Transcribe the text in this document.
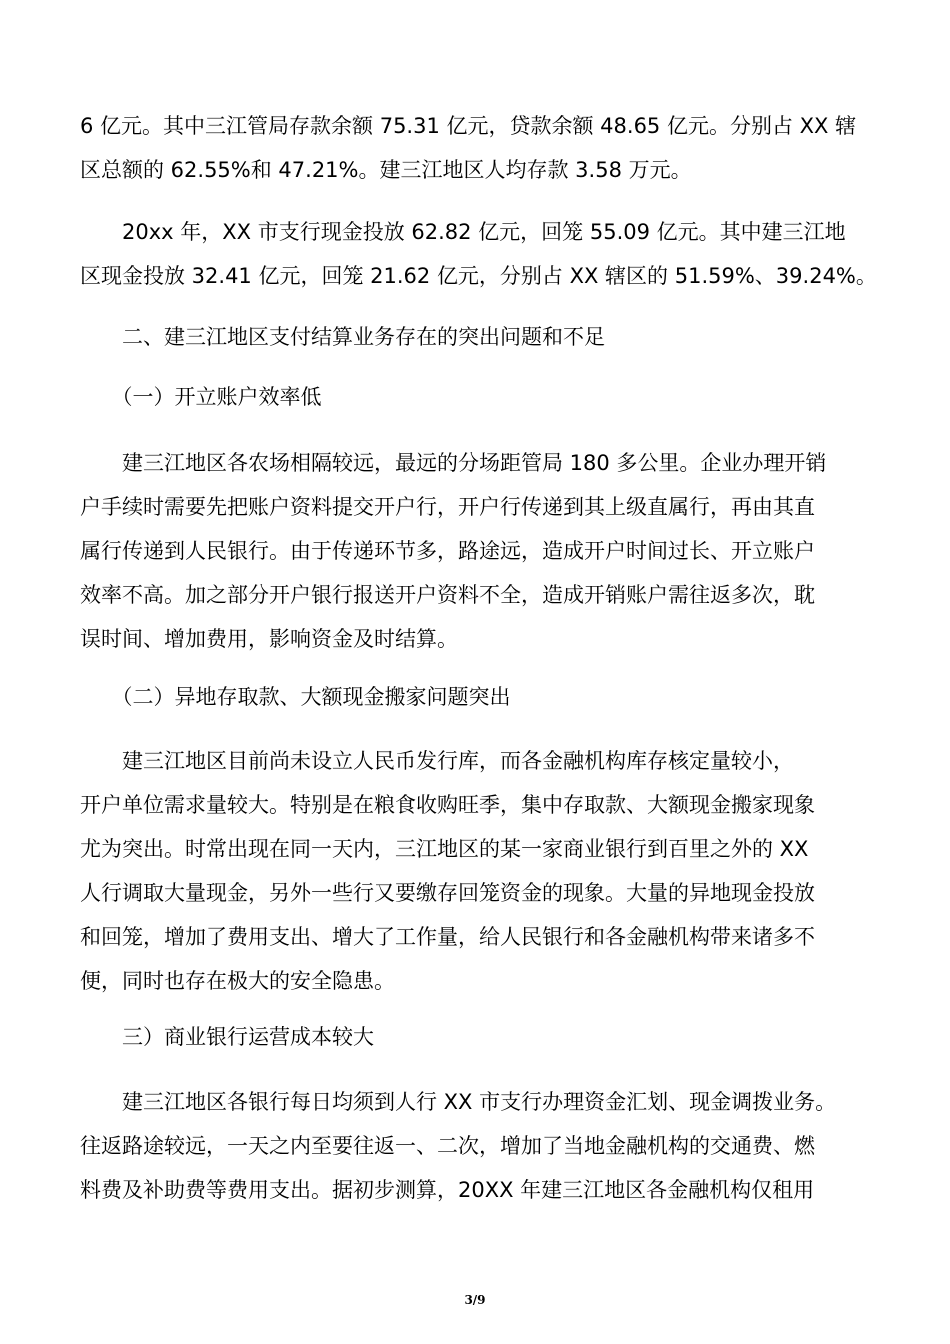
6 亿元。其中三江管局存款余额 75.31 亿元，贷款余额 48.65 亿元。分别占 XX 辖
区总额的 62.55%和 47.21%。建三江地区人均存款 3.58 万元。
　　20xx 年，XX 市支行现金投放 62.82 亿元，回笼 55.09 亿元。其中建三江地
区现金投放 32.41 亿元，回笼 21.62 亿元，分别占 XX 辖区的 51.59%、39.24%。
　　二、建三江地区支付结算业务存在的突出问题和不足
　　（一）开立账户效率低
　　建三江地区各农场相隔较远，最远的分场距管局 180 多公里。企业办理开销
户手续时需要先把账户资料提交开户行，开户行传递到其上级直属行，再由其直
属行传递到人民银行。由于传递环节多，路途远，造成开户时间过长、开立账户
效率不高。加之部分开户银行报送开户资料不全，造成开销账户需往返多次，耽
误时间、增加费用，影响资金及时结算。
　　（二）异地存取款、大额现金搬家问题突出
　　建三江地区目前尚未设立人民币发行库，而各金融机构库存核定量较小，
开户单位需求量较大。特别是在粮食收购旺季，集中存取款、大额现金搬家现象
尤为突出。时常出现在同一天内，三江地区的某一家商业银行到百里之外的 XX
人行调取大量现金，另外一些行又要缴存回笼资金的现象。大量的异地现金投放
和回笼，增加了费用支出、增大了工作量，给人民银行和各金融机构带来诸多不
便，同时也存在极大的安全隐患。
　　三）商业银行运营成本较大
　　建三江地区各银行每日均须到人行 XX 市支行办理资金汇划、现金调拨业务。
往返路途较远，一天之内至要往返一、二次，增加了当地金融机构的交通费、燃
料费及补助费等费用支出。据初步测算，20XX 年建三江地区各金融机构仅租用
3/9
